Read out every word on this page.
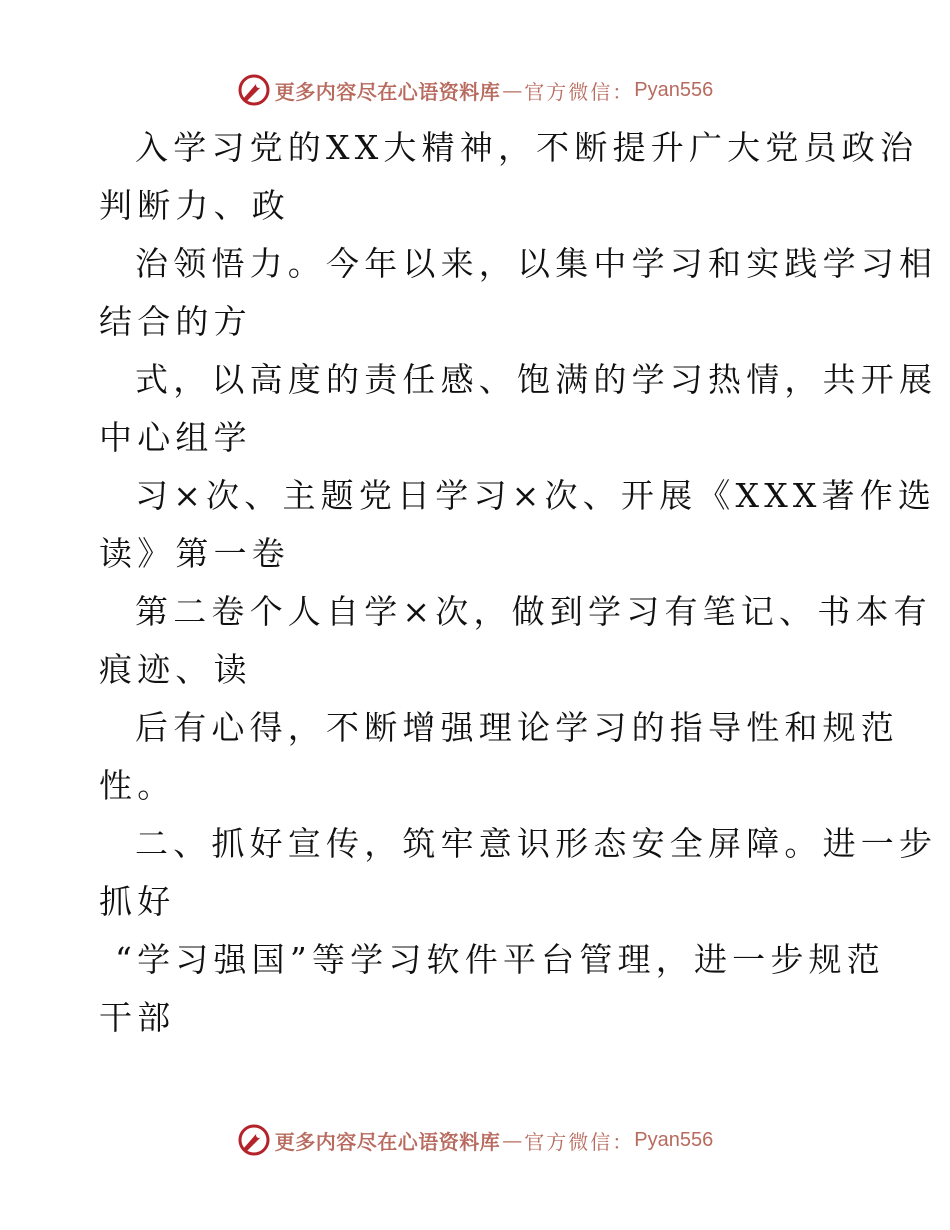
更多内容尽在心语资料库 — 官方微信： Pyan556
入学习党的XX大精神，不断提升广大党员政治
判断力、政
治领悟力。今年以来，以集中学习和实践学习相
结合的方
式，以高度的责任感、饱满的学习热情，共开展
中心组学
习×次、主题党日学习×次、开展《XXX著作选
读》第一卷
第二卷个人自学×次，做到学习有笔记、书本有
痕迹、读
后有心得，不断增强理论学习的指导性和规范
性。
二、抓好宣传，筑牢意识形态安全屏障。进一步
抓好
“学习强国”等学习软件平台管理，进一步规范
干部
更多内容尽在心语资料库 — 官方微信： Pyan556
